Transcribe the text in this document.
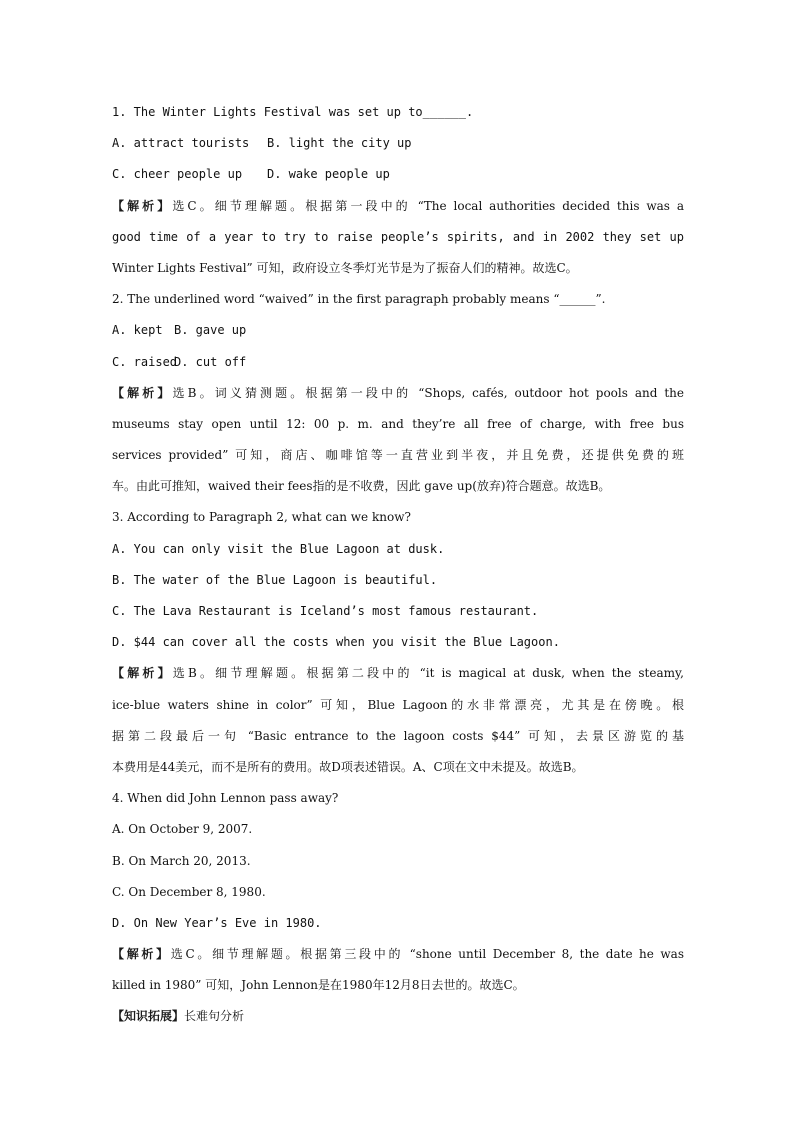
1. The Winter Lights Festival was set up to______.
A. attract tourists B. light the city up
C. cheer people up D. wake people up
【解析】选C。细节理解题。根据第一段中的 “The local authorities decided this was a
good time of a year to try to raise people’s spirits, and in 2002 they set up
Winter Lights Festival” 可知，政府设立冬季灯光节是为了振奋人们的精神。故选C。
2. The underlined word “waived” in the first paragraph probably means “______”.
A. kept B. gave up
C. raisedD. cut off
【解析】选B。词义猜测题。根据第一段中的 “Shops, cafés, outdoor hot pools and the
museums stay open until 12: 00 p. m. and they’re all free of charge, with free bus
services provided” 可知，商店、咖啡馆等一直营业到半夜，并且免费，还提供免费的班
车。由此可推知，waived their fees指的是不收费，因此 gave up(放弃)符合题意。故选B。
3. According to Paragraph 2, what can we know?
A. You can only visit the Blue Lagoon at dusk.
B. The water of the Blue Lagoon is beautiful.
C. The Lava Restaurant is Iceland’s most famous restaurant.
D. $44 can cover all the costs when you visit the Blue Lagoon.
【解析】选B。细节理解题。根据第二段中的 “it is magical at dusk, when the steamy,
ice-blue waters shine in color” 可知，Blue Lagoon的水非常漂亮，尤其是在傍晚。根
据第二段最后一句 “Basic entrance to the lagoon costs $44” 可知，去景区游览的基
本费用是44美元，而不是所有的费用。故D项表述错误。A、C项在文中未提及。故选B。
4. When did John Lennon pass away?
A. On October 9, 2007.
B. On March 20, 2013.
C. On December 8, 1980.
D. On New Year’s Eve in 1980.
【解析】选C。细节理解题。根据第三段中的 “shone until December 8, the date he was
killed in 1980” 可知，John Lennon是在1980年12月8日去世的。故选C。
【知识拓展】长难句分析
